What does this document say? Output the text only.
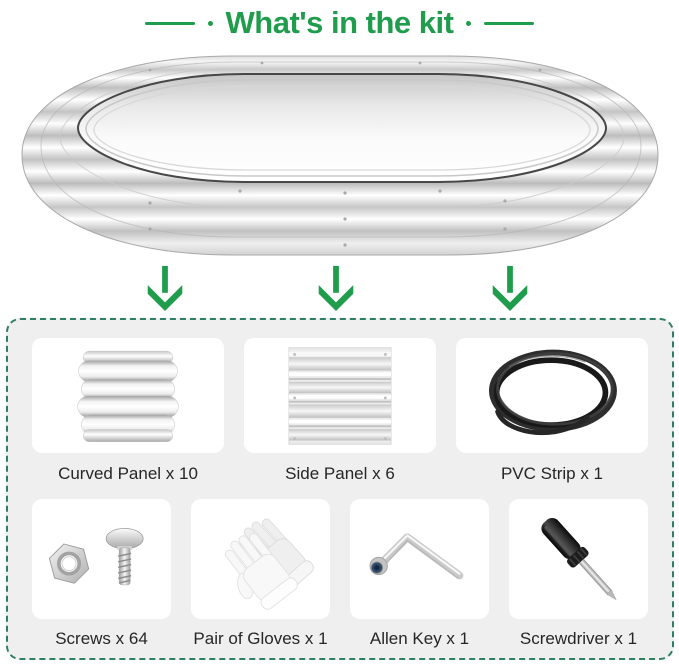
What's in the kit
Curved Panel x 10	Side Panel x 6	PVC Strip x 1
Screws x 64	Pair of Gloves x 1	Allen Key x 1	Screwdriver x 1
